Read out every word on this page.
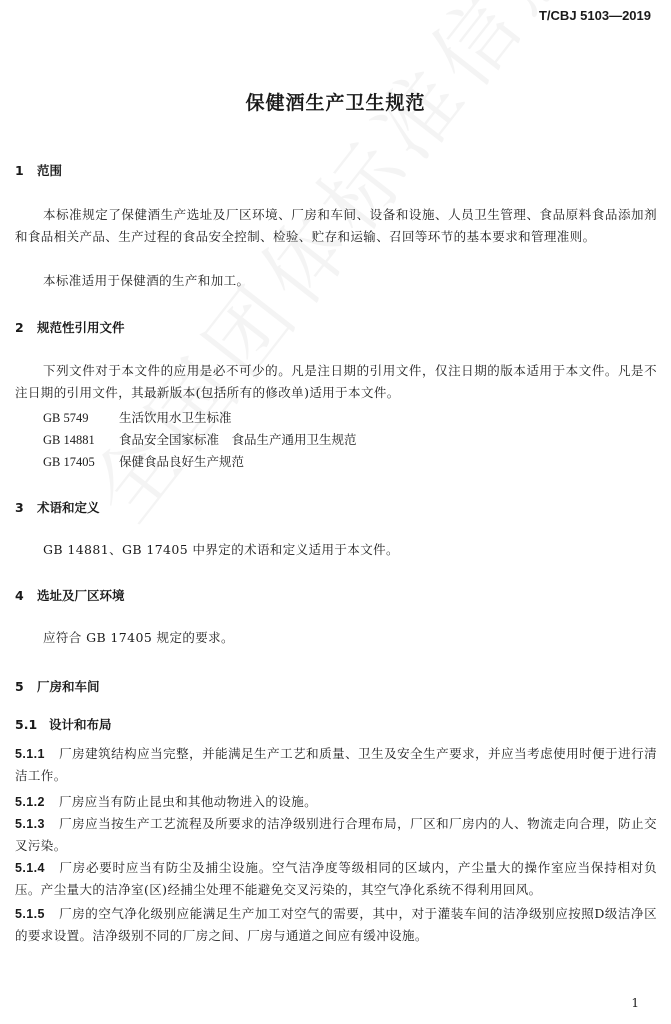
T/CBJ 5103—2019
保健酒生产卫生规范
1 范围
本标准规定了保健酒生产选址及厂区环境、厂房和车间、设备和设施、人员卫生管理、食品原料食品添加剂和食品相关产品、生产过程的食品安全控制、检验、贮存和运输、召回等环节的基本要求和管理准则。
本标准适用于保健酒的生产和加工。
2 规范性引用文件
下列文件对于本文件的应用是必不可少的。凡是注日期的引用文件，仅注日期的版本适用于本文件。凡是不注日期的引用文件，其最新版本(包括所有的修改单)适用于本文件。
GB 5749 生活饮用水卫生标准
GB 14881 食品安全国家标准　食品生产通用卫生规范
GB 17405 保健食品良好生产规范
3 术语和定义
GB 14881、GB 17405 中界定的术语和定义适用于本文件。
4 选址及厂区环境
应符合 GB 17405 规定的要求。
5 厂房和车间
5.1 设计和布局
5.1.1 厂房建筑结构应当完整，并能满足生产工艺和质量、卫生及安全生产要求，并应当考虑使用时便于进行清洁工作。
5.1.2 厂房应当有防止昆虫和其他动物进入的设施。
5.1.3 厂房应当按生产工艺流程及所要求的洁净级别进行合理布局，厂区和厂房内的人、物流走向合理，防止交叉污染。
5.1.4 厂房必要时应当有防尘及捕尘设施。空气洁净度等级相同的区域内，产尘量大的操作室应当保持相对负压。产尘量大的洁净室(区)经捕尘处理不能避免交叉污染的，其空气净化系统不得利用回风。
5.1.5 厂房的空气净化级别应能满足生产加工对空气的需要，其中，对于灌装车间的洁净级别应按照D级洁净区的要求设置。洁净级别不同的厂房之间、厂房与通道之间应有缓冲设施。
1
